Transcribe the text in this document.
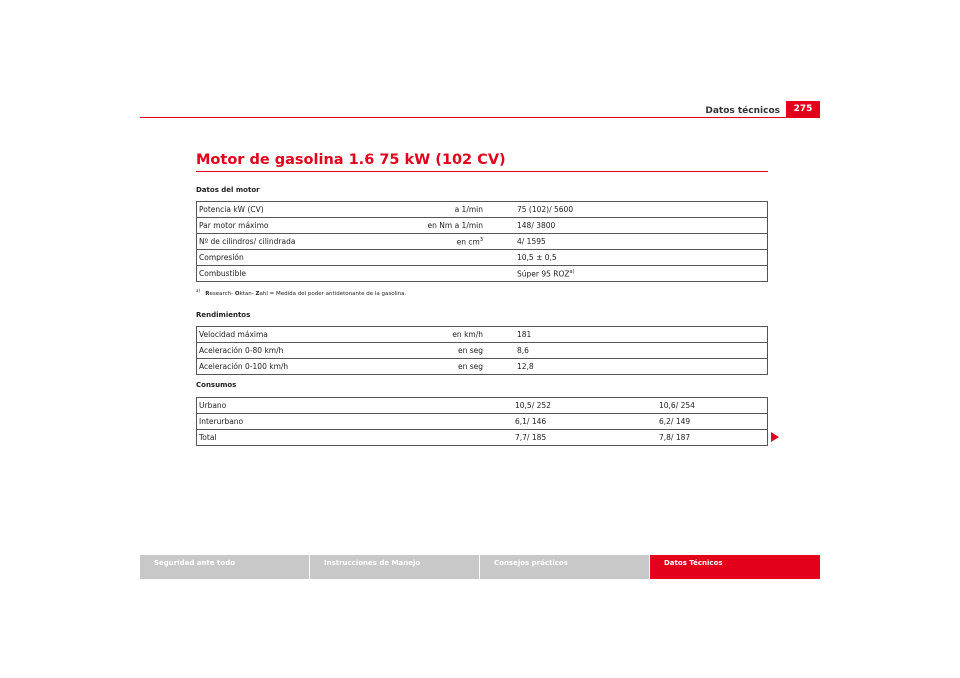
Datos técnicos	275
Motor de gasolina 1.6 75 kW (102 CV)
Datos del motor
Potencia kW (CV)	a 1/min	75 (102)/ 5600
Par motor máximo	en Nm a 1/min	148/ 3800
Nº de cilindros/ cilindrada	en $cm^3$	4/ 1595
Compresión		10,5 ± 0,5
Combustible		Súper 95 ROZ$^{a)}$
$^{a)}$   Research- Oktan- Zahl = Medida del poder antidetonante de la gasolina.
Rendimientos
Velocidad máxima	en km/h	181
Aceleración 0-80 km/h	en seg	8,6
Aceleración 0-100 km/h	en seg	12,8
Consumos
Urbano	10,5/ 252	10,6/ 254
Interurbano	6,1/ 146	6,2/ 149
Total	7,7/ 185	7,8/ 187
Seguridad ante todo	Instrucciones de Manejo	Consejos prácticos	Datos Técnicos
